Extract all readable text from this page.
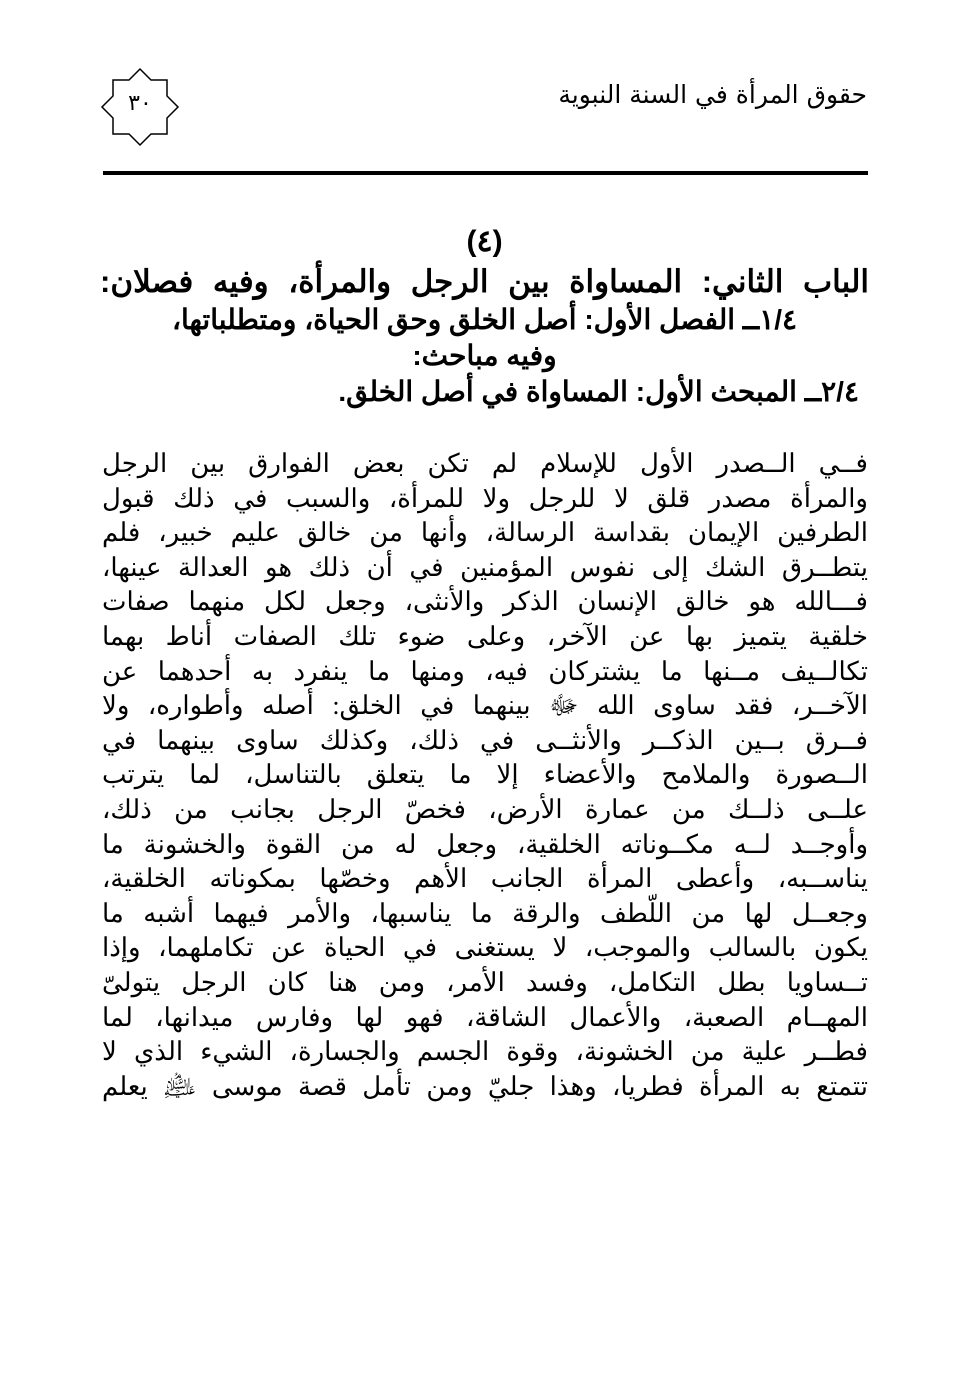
حقوق المرأة في السنة النبوية
٣٠
(٤)
الباب الثاني: المساواة بين الرجل والمرأة، وفيه فصلان:
١/٤ــ الفصل الأول: أصل الخلق وحق الحياة، ومتطلباتها،
وفيه مباحث:
٢/٤ــ المبحث الأول: المساواة في أصل الخلق.
فــي الــصدر الأول للإسلام لم تكن بعض الفوارق بين الرجل
والمرأة مصدر قلق لا للرجل ولا للمرأة، والسبب في ذلك قبول
الطرفين الإيمان بقداسة الرسالة، وأنها من خالق عليم خبير، فلم
يتطــرق الشك إلى نفوس المؤمنين في أن ذلك هو العدالة عينها،
فـــالله هو خالق الإنسان الذكر والأنثى، وجعل لكل منهما صفات
خلقية يتميز بها عن الآخر، وعلى ضوء تلك الصفات أناط بهما
تكالــيف مــنها ما يشتركان فيه، ومنها ما ينفرد به أحدهما عن
الآخــر، فقد ساوى الله ﷻ بينهما في الخلق: أصله وأطواره، ولا
فــرق بــين الذكــر والأنثــى في ذلك، وكذلك ساوى بينهما في
الــصورة والملامح والأعضاء إلا ما يتعلق بالتناسل، لما يترتب
علــى ذلــك من عمارة الأرض، فخصّ الرجل بجانب من ذلك،
وأوجــد لــه مكــوناته الخلقية، وجعل له من القوة والخشونة ما
يناســبه، وأعطى المرأة الجانب الأهم وخصّها بمكوناته الخلقية،
وجعــل لها من اللّطف والرقة ما يناسبها، والأمر فيهما أشبه ما
يكون بالسالب والموجب، لا يستغنى في الحياة عن تكاملهما، وإذا
تــساويا بطل التكامل، وفسد الأمر، ومن هنا كان الرجل يتولىّ
المهــام الصعبة، والأعمال الشاقة، فهو لها وفارس ميدانها، لما
فطــر علية من الخشونة، وقوة الجسم والجسارة، الشيء الذي لا
تتمتع به المرأة فطريا، وهذا جليّ ومن تأمل قصة موسى ﵇ يعلم
